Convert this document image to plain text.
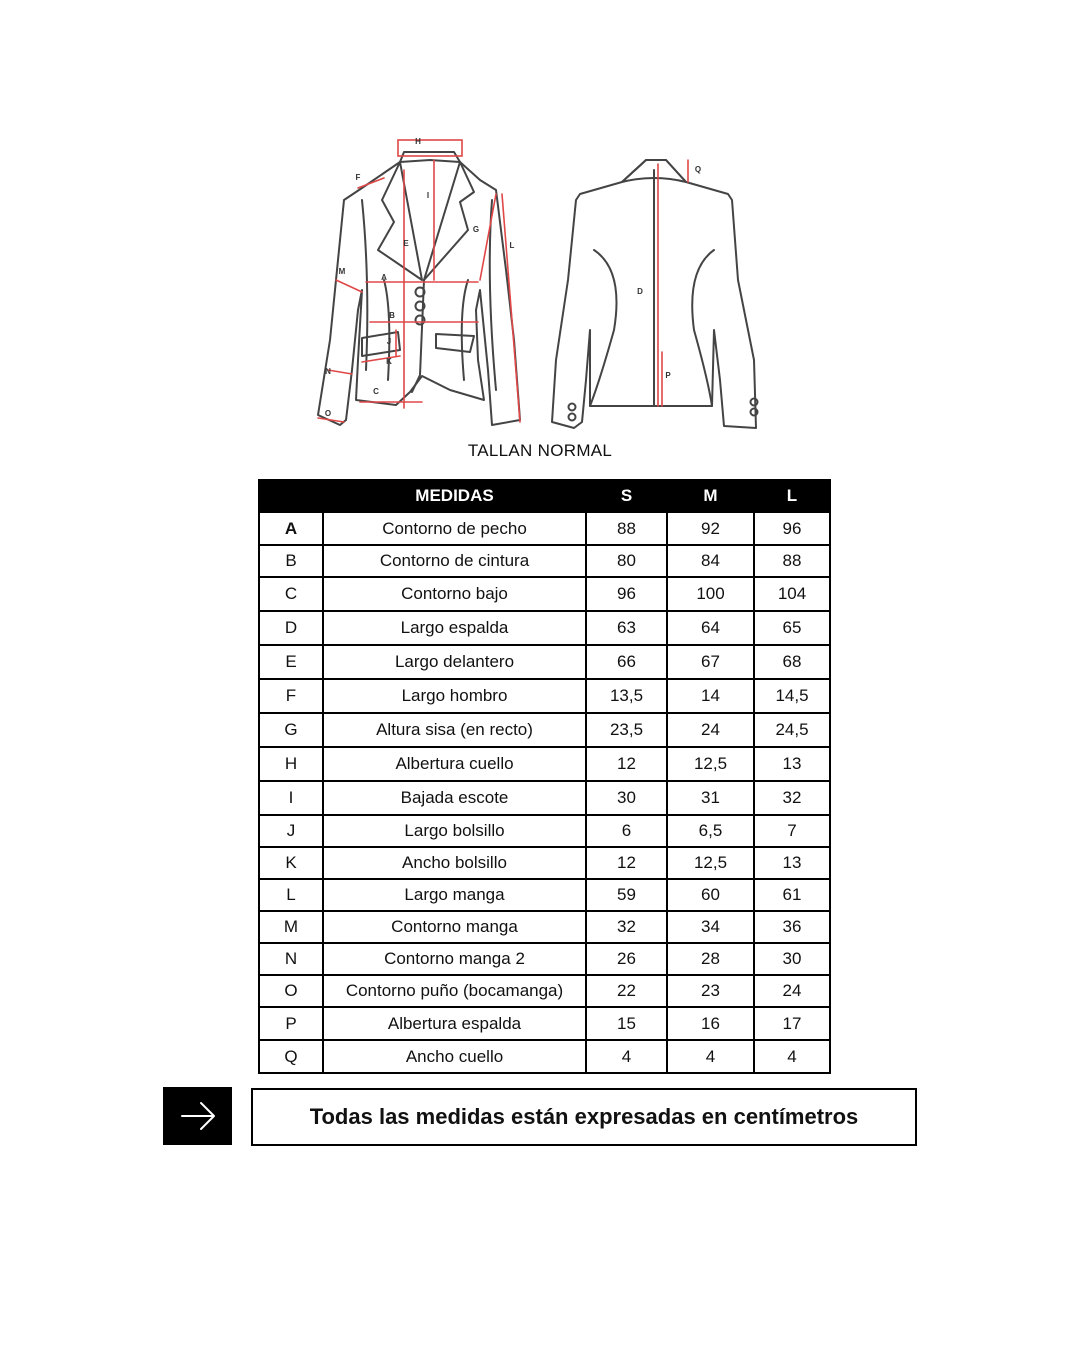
H
F
I
E
G
L
M
A
B
J
K
N
C
O
Q
D
P
TALLAN NORMAL
	MEDIDAS	S	M	L
A	Contorno de pecho	88	92	96
B	Contorno de cintura	80	84	88
C	Contorno bajo	96	100	104
D	Largo espalda	63	64	65
E	Largo delantero	66	67	68
F	Largo hombro	13,5	14	14,5
G	Altura sisa (en recto)	23,5	24	24,5
H	Albertura cuello	12	12,5	13
I	Bajada escote	30	31	32
J	Largo bolsillo	6	6,5	7
K	Ancho bolsillo	12	12,5	13
L	Largo manga	59	60	61
M	Contorno manga	32	34	36
N	Contorno manga 2	26	28	30
O	Contorno puño (bocamanga)	22	23	24
P	Albertura espalda	15	16	17
Q	Ancho cuello	4	4	4
Todas las medidas están expresadas en centímetros
